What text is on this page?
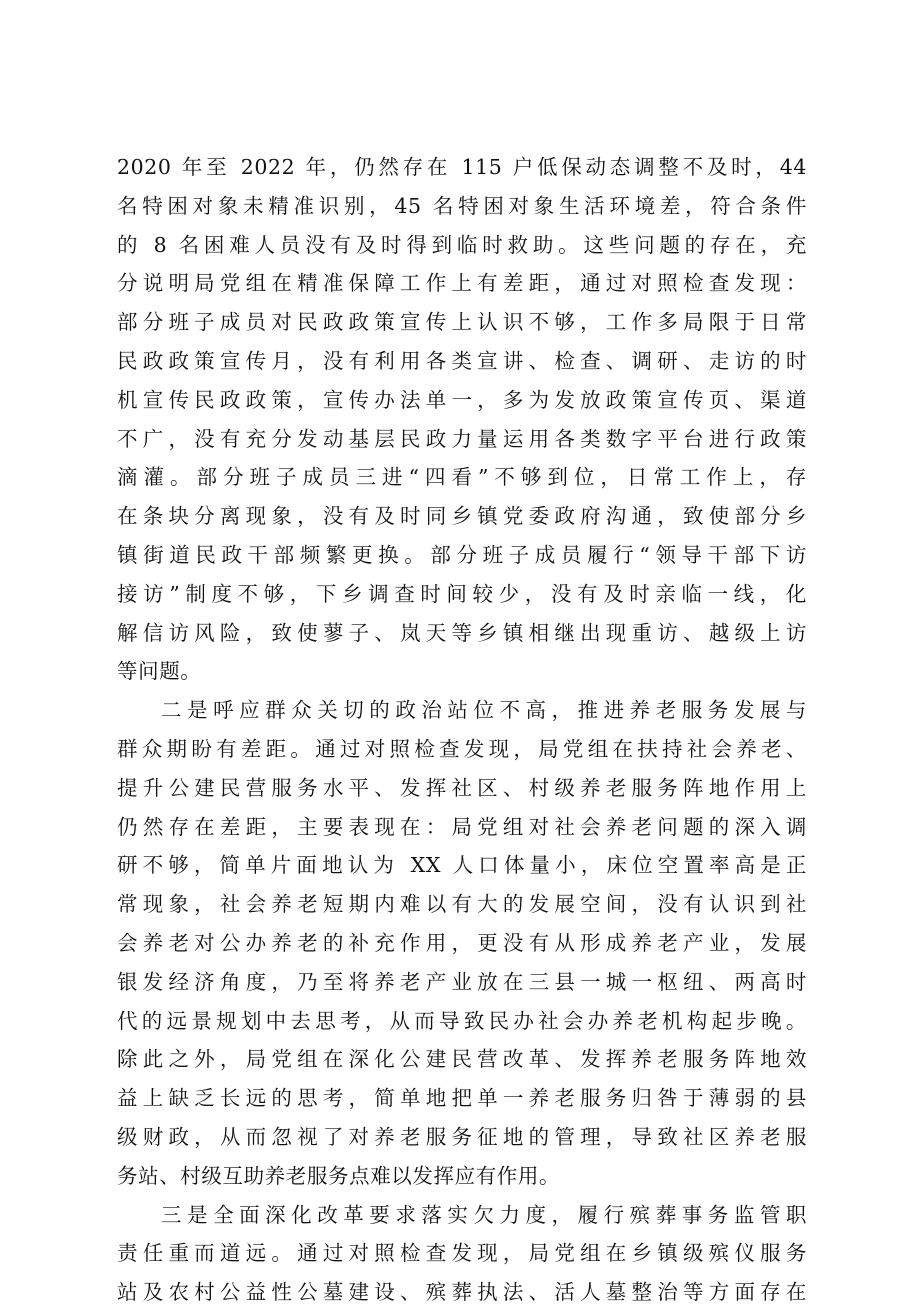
2020 年至 2022 年，仍然存在 115 户低保动态调整不及时，44
名特困对象未精准识别，45 名特困对象生活环境差，符合条件
的 8 名困难人员没有及时得到临时救助。这些问题的存在，充
分说明局党组在精准保障工作上有差距，通过对照检查发现：
部分班子成员对民政政策宣传上认识不够，工作多局限于日常
民政政策宣传月，没有利用各类宣讲、检查、调研、走访的时
机宣传民政政策，宣传办法单一，多为发放政策宣传页、渠道
不广，没有充分发动基层民政力量运用各类数字平台进行政策
滴灌。部分班子成员三进“四看”不够到位，日常工作上，存
在条块分离现象，没有及时同乡镇党委政府沟通，致使部分乡
镇街道民政干部频繁更换。部分班子成员履行“领导干部下访
接访”制度不够，下乡调查时间较少，没有及时亲临一线，化
解信访风险，致使蓼子、岚天等乡镇相继出现重访、越级上访
等问题。
二是呼应群众关切的政治站位不高，推进养老服务发展与
群众期盼有差距。通过对照检查发现，局党组在扶持社会养老、
提升公建民营服务水平、发挥社区、村级养老服务阵地作用上
仍然存在差距，主要表现在：局党组对社会养老问题的深入调
研不够，简单片面地认为 XX 人口体量小，床位空置率高是正
常现象，社会养老短期内难以有大的发展空间，没有认识到社
会养老对公办养老的补充作用，更没有从形成养老产业，发展
银发经济角度，乃至将养老产业放在三县一城一枢纽、两高时
代的远景规划中去思考，从而导致民办社会办养老机构起步晚。
除此之外，局党组在深化公建民营改革、发挥养老服务阵地效
益上缺乏长远的思考，简单地把单一养老服务归咎于薄弱的县
级财政，从而忽视了对养老服务征地的管理，导致社区养老服
务站、村级互助养老服务点难以发挥应有作用。
三是全面深化改革要求落实欠力度，履行殡葬事务监管职
责任重而道远。通过对照检查发现，局党组在乡镇级殡仪服务
站及农村公益性公墓建设、殡葬执法、活人墓整治等方面存在
